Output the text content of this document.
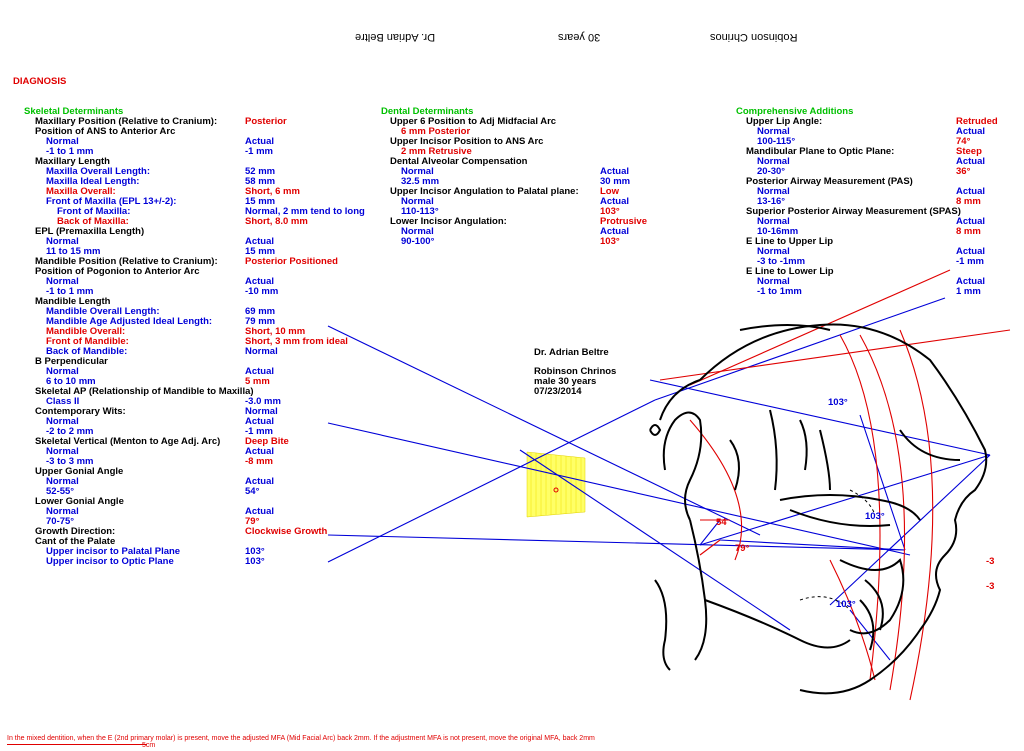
Dr. Adrian Beltre	30 years	Robinson Chrinos
DIAGNOSIS
Skeletal Determinants	Dental Determinants	Comprehensive Additions
Maxillary Position (Relative to Cranium):	Posterior
Position of ANS to Anterior Arc
Normal	Actual
-1 to 1 mm	-1 mm
Maxillary Length
Maxilla Overall Length:	52 mm
Maxilla Ideal Length:	58 mm
Maxilla Overall:	Short, 6 mm
Front of Maxilla (EPL 13+/-2):	15 mm
Front of Maxilla:	Normal, 2 mm tend to long
Back of Maxilla:	Short, 8.0 mm
EPL (Premaxilla Length)
Normal	Actual
11 to 15 mm	15 mm
Mandible Position (Relative to Cranium):	Posterior Positioned
Position of Pogonion to Anterior Arc
Normal	Actual
-1 to 1 mm	-10 mm
Mandible Length
Mandible Overall Length:	69 mm
Mandible Age Adjusted Ideal Length:	79 mm
Mandible Overall:	Short, 10 mm
Front of Mandible:	Short, 3 mm from ideal
Back of Mandible:	Normal
B Perpendicular
Normal	Actual
6 to 10 mm	5 mm
Skeletal AP (Relationship of Mandible to Maxilla)
Class II	-3.0 mm
Contemporary Wits:	Normal
Normal	Actual
-2 to 2 mm	-1 mm
Skeletal Vertical (Menton to Age Adj. Arc)	Deep Bite
Normal	Actual
-3 to 3 mm	-8 mm
Upper Gonial Angle
Normal	Actual
52-55°	54°
Lower Gonial Angle
Normal	Actual
70-75°	79°
Growth Direction:	Clockwise Growth
Cant of the Palate
Upper incisor to Palatal Plane	103°
Upper incisor to Optic Plane	103°
Upper 6 Position to Adj Midfacial Arc
6 mm Posterior
Upper Incisor Position to ANS Arc
2 mm Retrusive
Dental Alveolar Compensation
Normal	Actual
32.5 mm	30 mm
Upper Incisor Angulation to Palatal plane: Low
Normal	Actual
110-113°	103°
Lower Incisor Angulation:	Protrusive
Normal	Actual
90-100°	103°
Upper Lip Angle:	Retruded
Normal	Actual
100-115°	74°
Mandibular Plane to Optic Plane:	Steep
Normal	Actual
20-30°	36°
Posterior Airway Measurement (PAS)
Normal	Actual
13-16°	8 mm
Superior Posterior Airway Measurement (SPAS)
Normal	Actual
10-16mm	8 mm
E Line to Upper Lip
Normal	Actual
-3 to -1mm	-1 mm
E Line to Lower Lip
Normal	Actual
-1 to 1mm	1 mm
Dr. Adrian Beltre
Robinson Chrinos
male 30 years
07/23/2014
103°
103°
103°
54
79°
-3
-3
In the mixed dentition, when the E (2nd primary molar) is present, move the adjusted MFA (Mid Facial Arc) back 2mm. If the adjustment MFA is not present, move the original MFA, back 2mm
5cm
